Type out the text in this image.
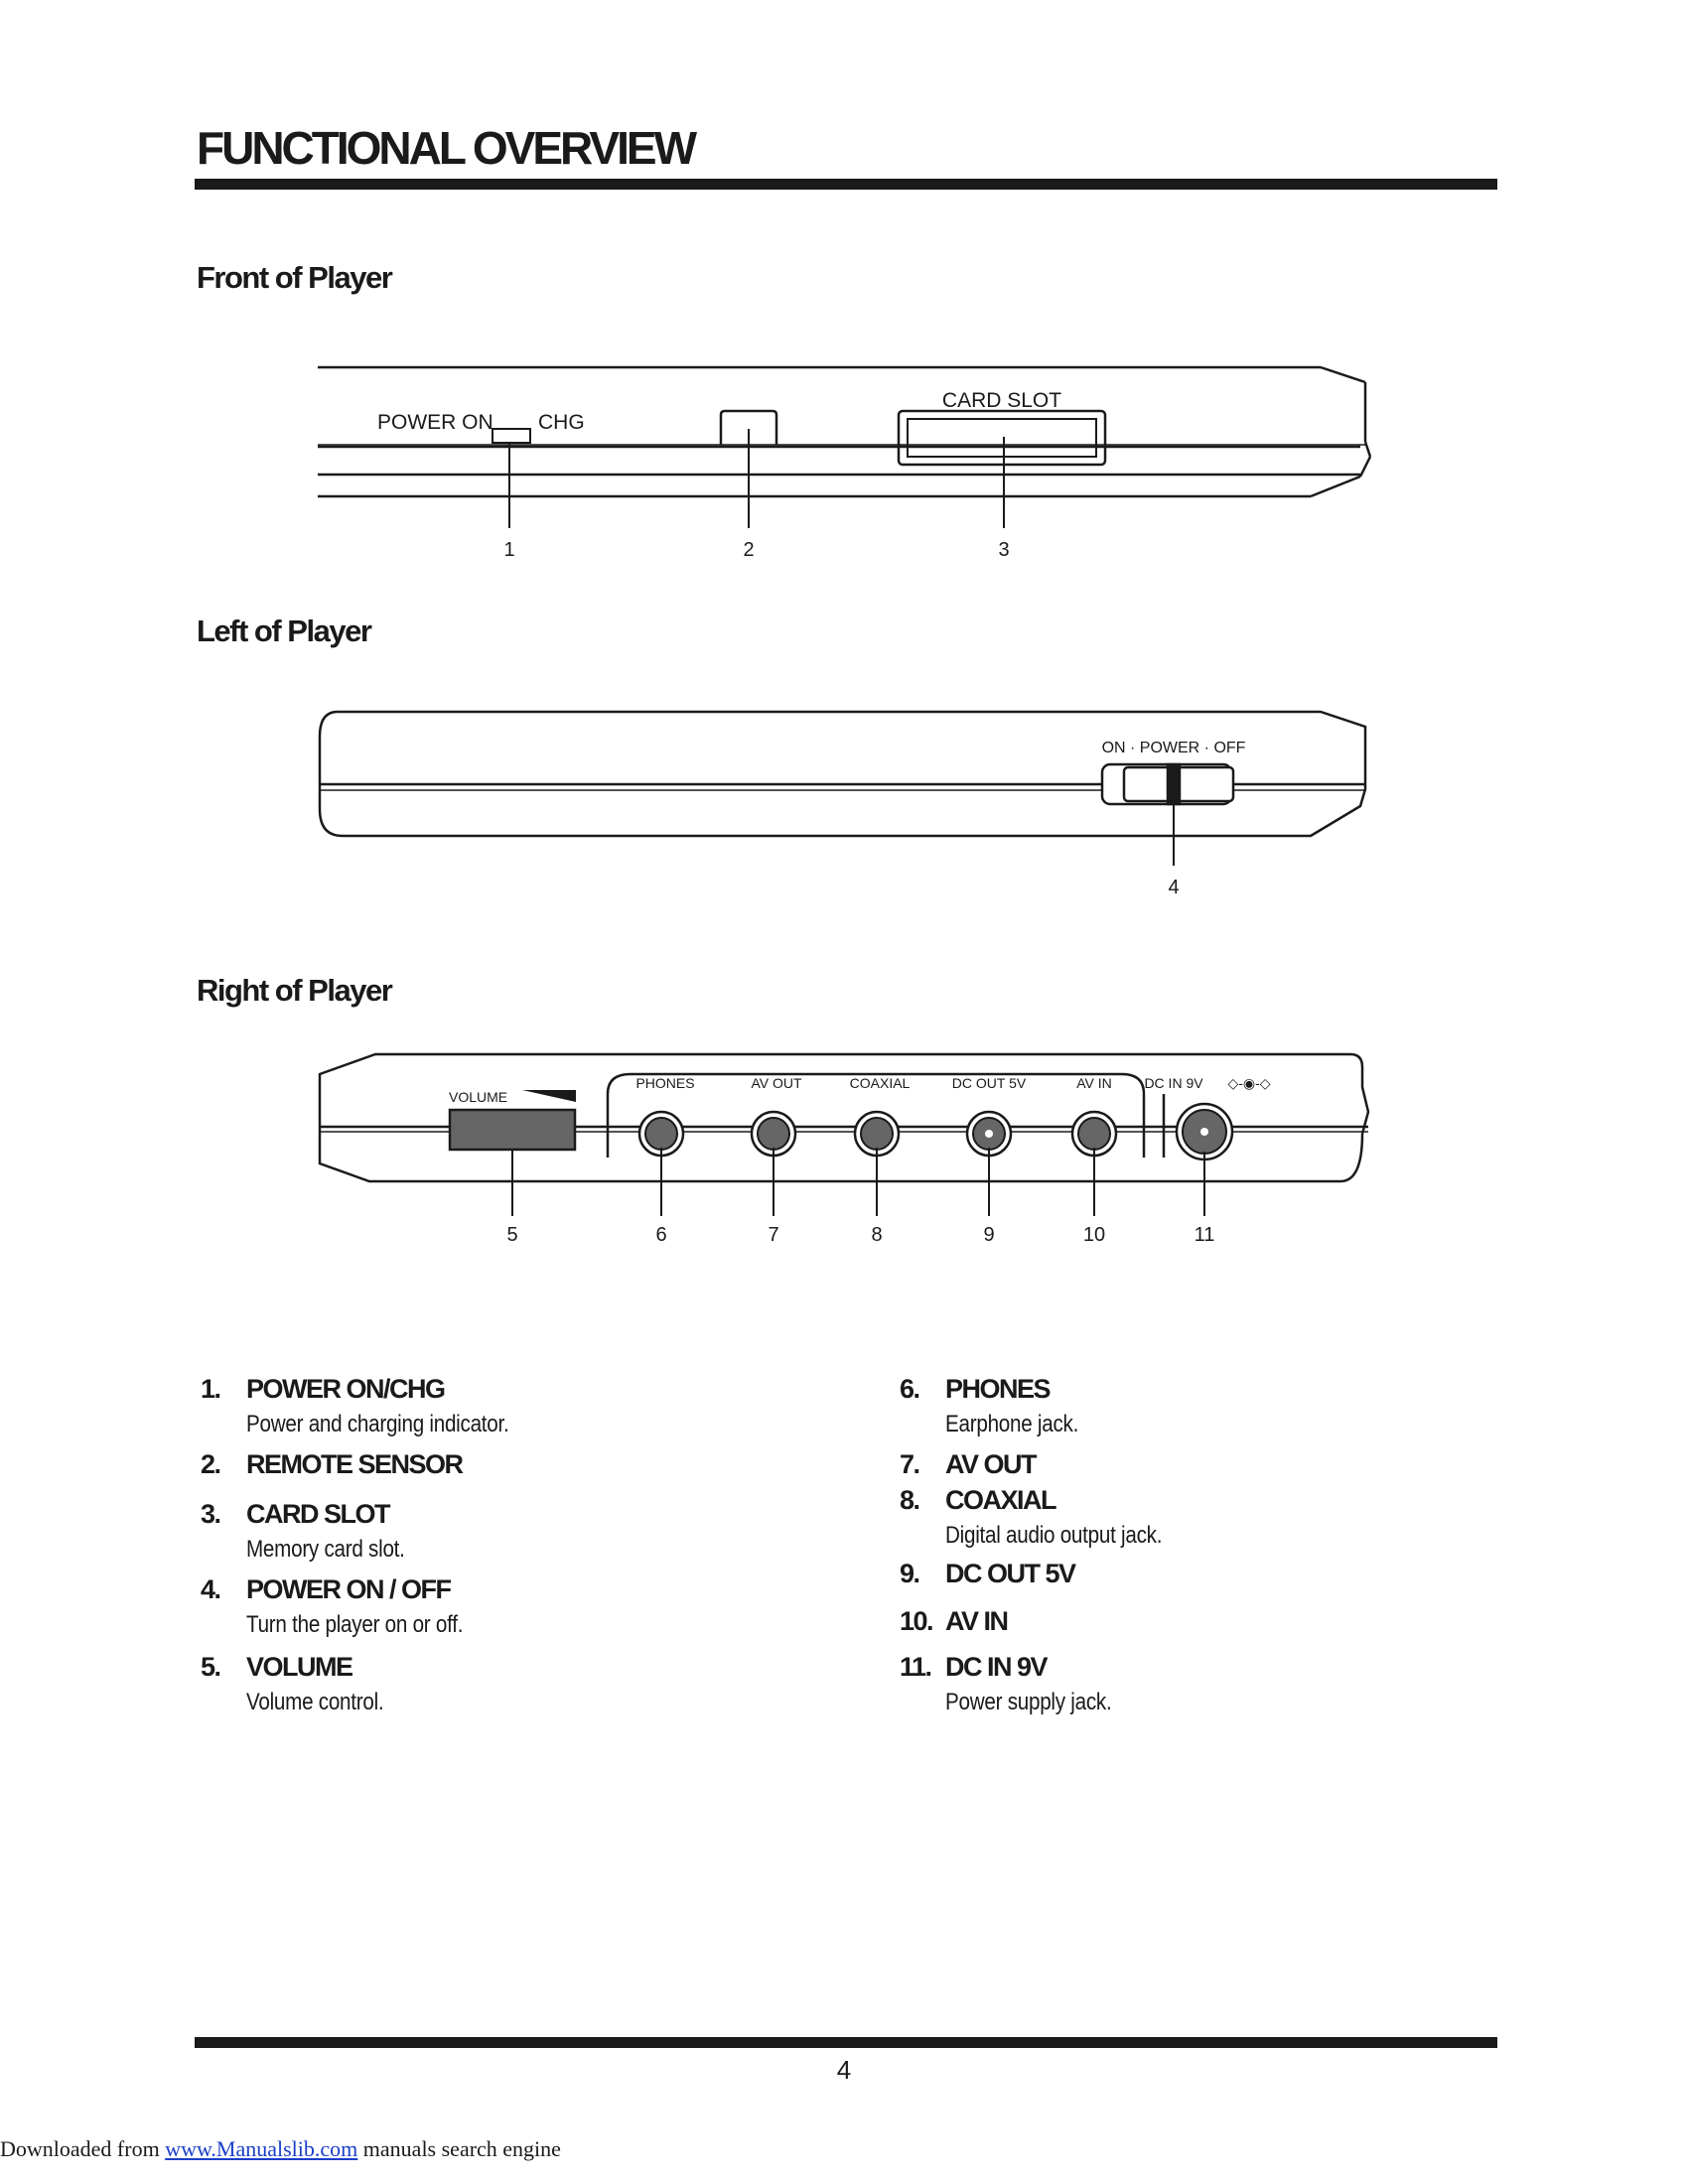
FUNCTIONAL OVERVIEW
Front of Player
POWER ON CHG
CARD SLOT
1	2	3
Left of Player
ON · POWER · OFF
4
Right of Player
VOLUME
PHONES	AV OUT	COAXIAL	DC OUT 5V	AV IN DC IN 9V ◇-◉-◇
5	6	7	8	9	10	11
1. POWER ON/CHG
Power and charging indicator.
2. REMOTE SENSOR
3. CARD SLOT
Memory card slot.
4. POWER ON / OFF
Turn the player on or off.
5. VOLUME
Volume control.
6. PHONES
Earphone jack.
7. AV OUT
8. COAXIAL
Digital audio output jack.
9. DC OUT 5V
10. AV IN
11. DC IN 9V
Power supply jack.
4
Downloaded from www.Manualslib.com manuals search engine
